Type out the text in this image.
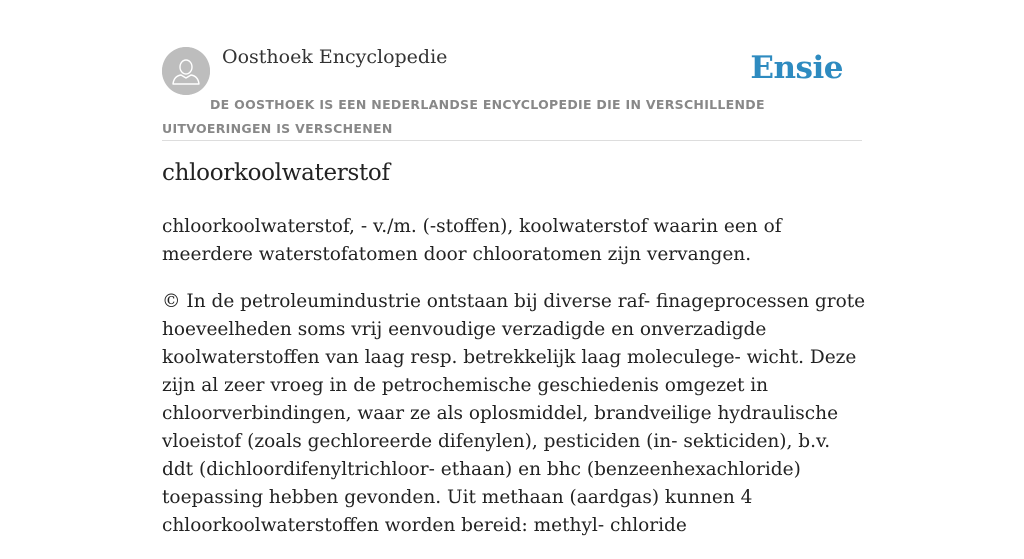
Oosthoek Encyclopedie	Ensie
DE OOSTHOEK IS EEN NEDERLANDSE ENCYCLOPEDIE DIE IN VERSCHILLENDE UITVOERINGEN IS VERSCHENEN
chloorkoolwaterstof

chloorkoolwaterstof, - v./m. (-stoffen), koolwaterstof waarin een of meerdere waterstofatomen door chlooratomen zijn vervangen.

© In de petroleumindustrie ontstaan bij diverse raf- finageprocessen grote hoeveelheden soms vrij eenvoudige verzadigde en onverzadigde koolwaterstoffen van laag resp. betrekkelijk laag moleculege- wicht. Deze zijn al zeer vroeg in de petrochemische geschiedenis omgezet in chloorverbindingen, waar ze als oplosmiddel, brandveilige hydraulische vloeistof (zoals gechloreerde difenylen), pesticiden (in- sekticiden), b.v. ddt (dichloordifenyltrichloor- ethaan) en bhc (benzeenhexachloride) toepassing hebben gevonden. Uit methaan (aardgas) kunnen 4 chloorkoolwaterstoffen worden bereid: methyl- chloride
